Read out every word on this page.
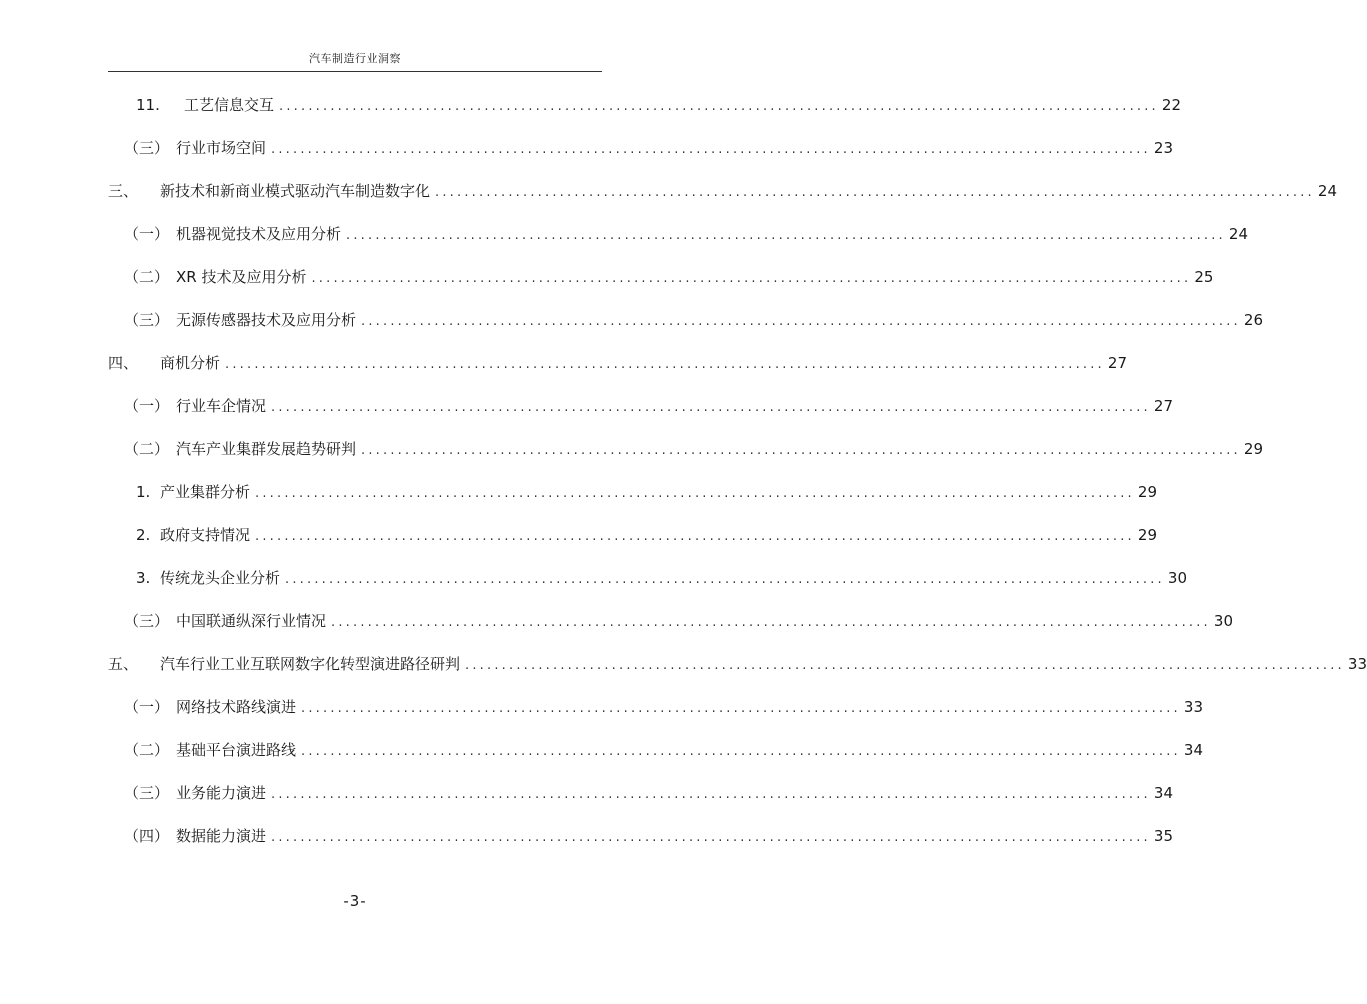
汽车制造行业洞察
11.	工艺信息交互 ........................................................................................................................ 22
（三） 行业市场空间 ........................................................................................................................ 23
三、	新技术和新商业模式驱动汽车制造数字化 ........................................................................................................................ 24
（一） 机器视觉技术及应用分析 ........................................................................................................................ 24
（二） XR 技术及应用分析 ........................................................................................................................ 25
（三） 无源传感器技术及应用分析 ........................................................................................................................ 26
四、	商机分析 ........................................................................................................................ 27
（一） 行业车企情况 ........................................................................................................................ 27
（二） 汽车产业集群发展趋势研判 ........................................................................................................................ 29
1. 产业集群分析 ........................................................................................................................ 29
2. 政府支持情况 ........................................................................................................................ 29
3. 传统龙头企业分析 ........................................................................................................................ 30
（三） 中国联通纵深行业情况 ........................................................................................................................ 30
五、	汽车行业工业互联网数字化转型演进路径研判 ........................................................................................................................ 33
（一） 网络技术路线演进 ........................................................................................................................ 33
（二） 基础平台演进路线 ........................................................................................................................ 34
（三） 业务能力演进 ........................................................................................................................ 34
（四） 数据能力演进 ........................................................................................................................ 35
-3-
